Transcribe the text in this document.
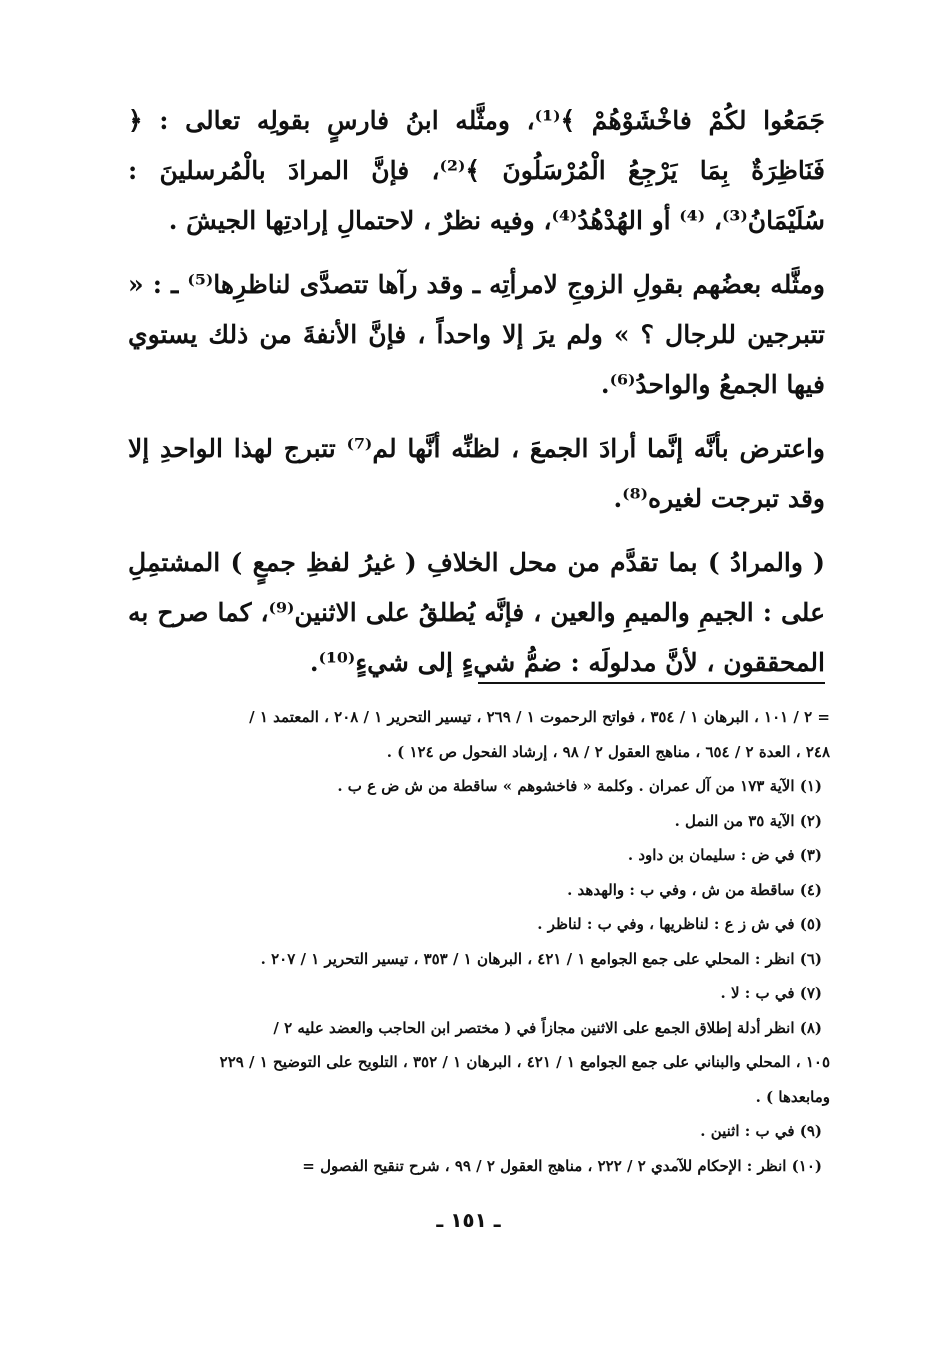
جَمَعُوا لكُمْ فاخْشَوْهُمْ ﴾⁽¹⁾، ومثَّله ابنُ فارسٍ بقولِه تعالى : ﴿ فَنَاظِرَةٌ بِمَا يَرْجِعُ الْمُرْسَلُونَ ﴾⁽²⁾، فإنَّ المرادَ بالْمُرسلينَ : سُلَيْمَانُ⁽³⁾، ⁽⁴⁾ أو الهُدْهُدُ⁽⁴⁾، وفيه نظرٌ ، لاحتمالِ إرادتِها الجيشَ .

ومثَّله بعضُهم بقولِ الزوجِ لامرأتِه ـ وقد رآها تتصدَّى لناظرِها⁽⁵⁾ ـ : « تتبرجين للرجال ؟ » ولم يرَ إلا واحداً ، فإنَّ الأنفةَ من ذلك يستوي فيها الجمعُ والواحدُ⁽⁶⁾.

واعترض بأنَّه إنَّما أرادَ الجمعَ ، لظنِّه أنَّها لم⁽⁷⁾ تتبرج لهذا الواحدِ إلا وقد تبرجت لغيره⁽⁸⁾.

( والمرادُ ) بما تقدَّم من محل الخلافِ ( غيرُ لفظِ جمعٍ ) المشتمِلِ على : الجيمِ والميمِ والعين ، فإنَّه يُطلقُ على الاثنين⁽⁹⁾، كما صرح به المحققون ، لأنَّ مدلولَه : ضمُّ شيءٍ إلى شيءٍ⁽¹⁰⁾.

= ٢ / ١٠١ ، البرهان ١ / ٣٥٤ ، فواتح الرحموت ١ / ٢٦٩ ، تيسير التحرير ١ / ٢٠٨ ، المعتمد ١ /
٢٤٨ ، العدة ٢ / ٦٥٤ ، مناهج العقول ٢ / ٩٨ ، إرشاد الفحول ص ١٢٤ ) .
(١) الآية ١٧٣ من آل عمران . وكلمة « فاخشوهم » ساقطة من ش ض ع ب .
(٢) الآية ٣٥ من النمل .
(٣) في ض : سليمان بن داود .
(٤) ساقطة من ش ، وفي ب : والهدهد .
(٥) في ش ز ع : لناظريها ، وفي ب : لناظر .
(٦) انظر : المحلي على جمع الجوامع ١ / ٤٢١ ، البرهان ١ / ٣٥٣ ، تيسير التحرير ١ / ٢٠٧ .
(٧) في ب : لا .
(٨) انظر أدلة إطلاق الجمع على الاثنين مجازاً في ( مختصر ابن الحاجب والعضد عليه ٢ /
١٠٥ ، المحلي والبناني على جمع الجوامع ١ / ٤٢١ ، البرهان ١ / ٣٥٢ ، التلويح على التوضيح ١ / ٢٢٩
ومابعدها ) .
(٩) في ب : اثنين .
(١٠) انظر : الإحكام للآمدي ٢ / ٢٢٢ ، مناهج العقول ٢ / ٩٩ ، شرح تنقيح الفصول =
ـ ١٥١ ـ
